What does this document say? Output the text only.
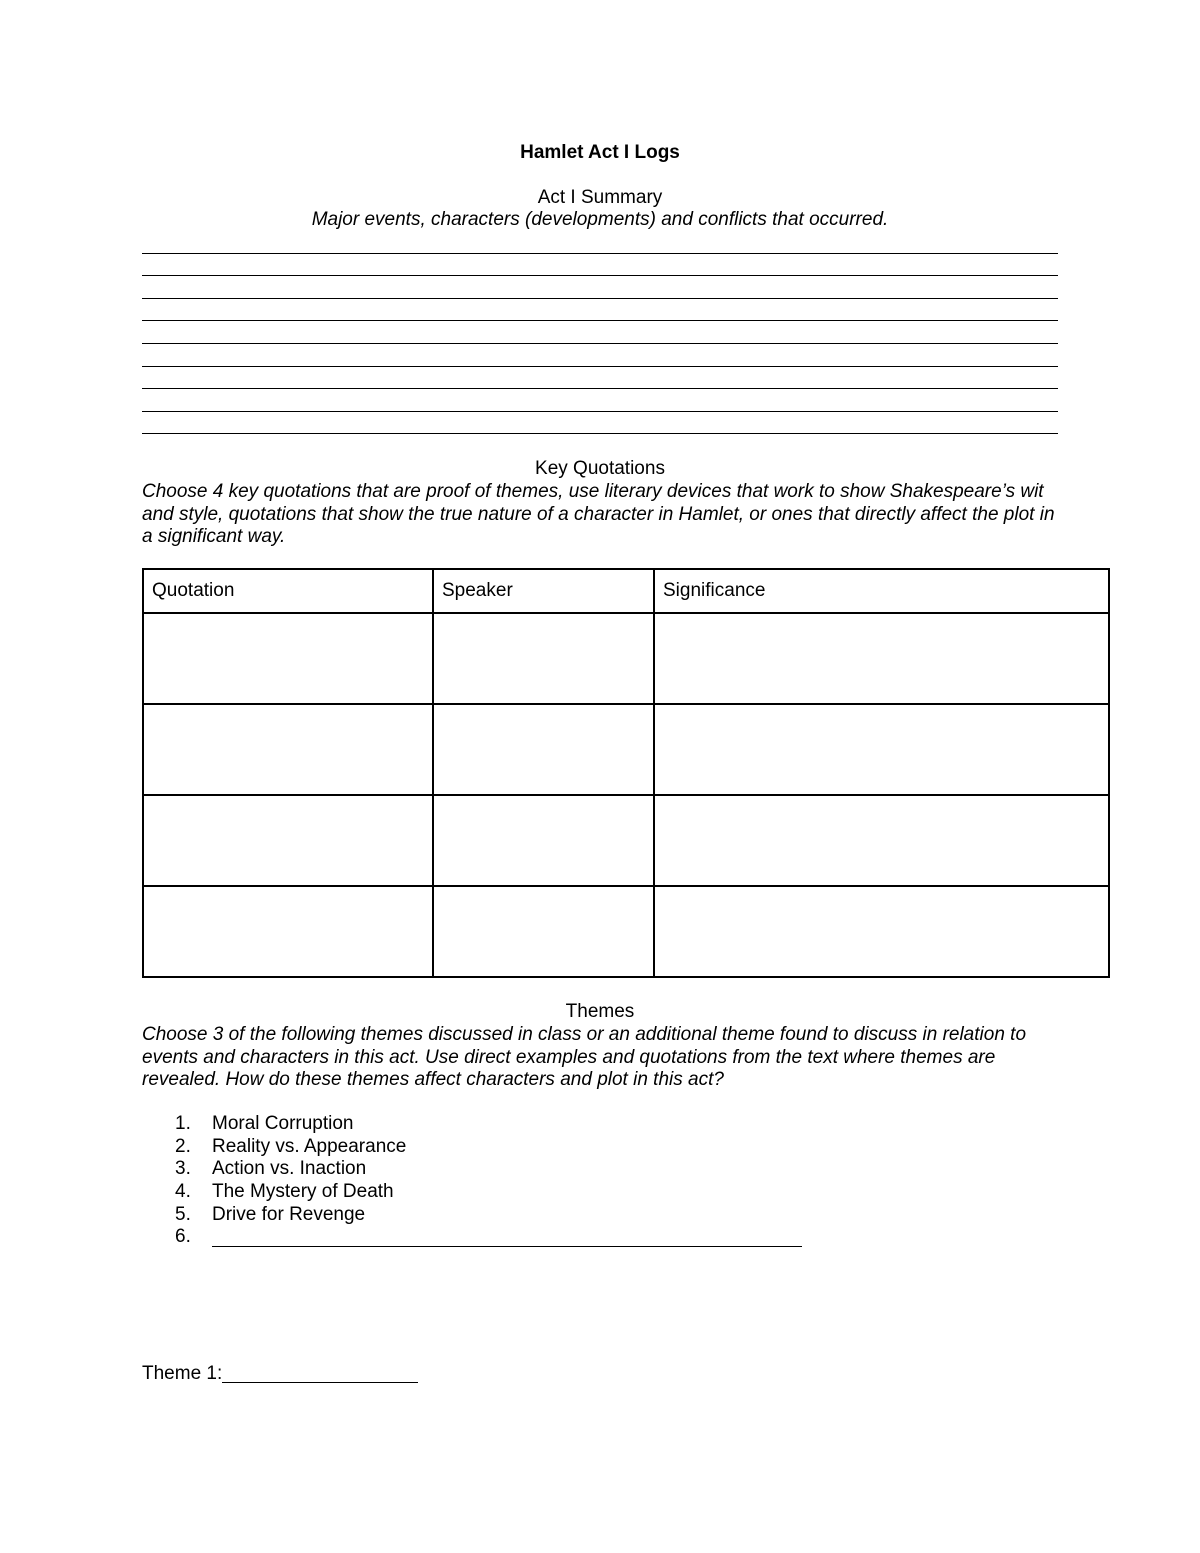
Hamlet Act I Logs
Act I Summary
Major events, characters (developments) and conflicts that occurred.
Key Quotations
Choose 4 key quotations that are proof of themes, use literary devices that work to show Shakespeare’s wit and style, quotations that show the true nature of a character in Hamlet, or ones that directly affect the plot in a significant way.
Quotation	Speaker	Significance

Themes
Choose 3 of the following themes discussed in class or an additional theme found to discuss in relation to events and characters in this act. Use direct examples and quotations from the text where themes are revealed. How do these themes affect characters and plot in this act?
1.	Moral Corruption
2.	Reality vs. Appearance
3.	Action vs. Inaction
4.	The Mystery of Death
5.	Drive for Revenge
6.
Theme 1:
